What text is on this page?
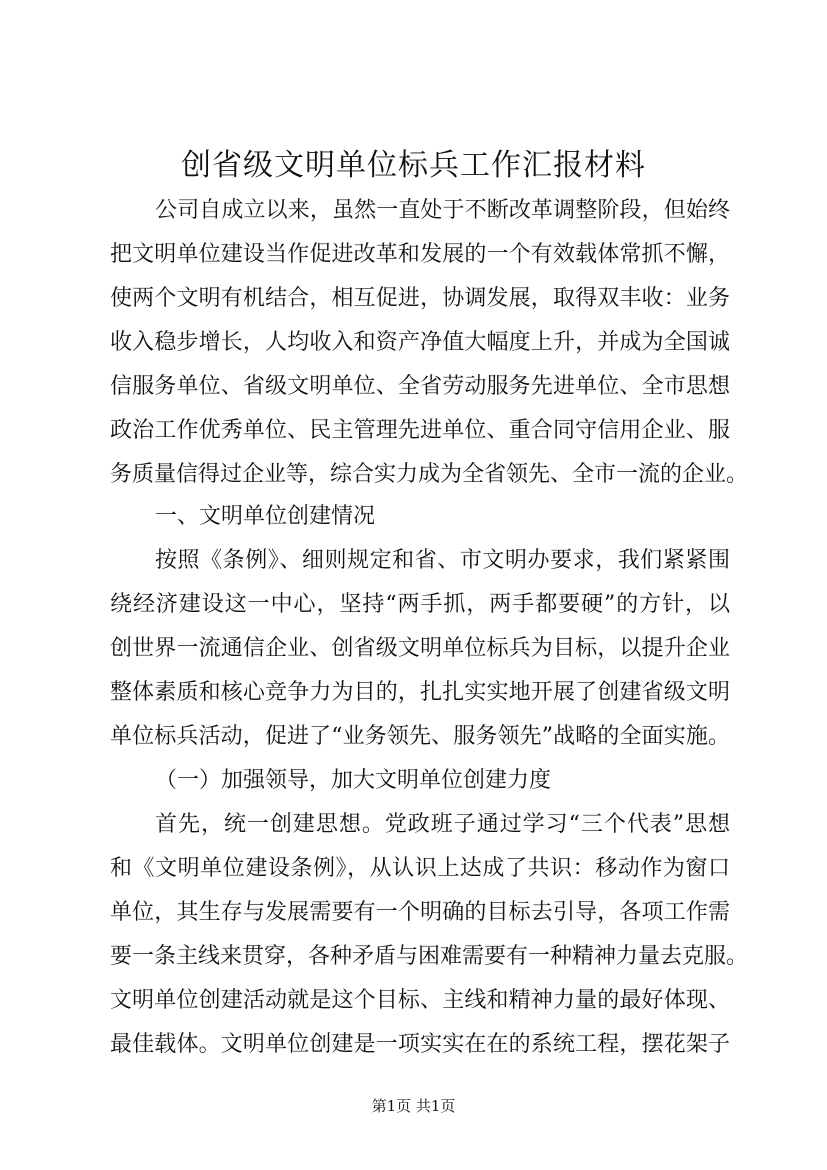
创省级文明单位标兵工作汇报材料
公司自成立以来，虽然一直处于不断改革调整阶段，但始终
把文明单位建设当作促进改革和发展的一个有效载体常抓不懈，
使两个文明有机结合，相互促进，协调发展，取得双丰收：业务
收入稳步增长，人均收入和资产净值大幅度上升，并成为全国诚
信服务单位、省级文明单位、全省劳动服务先进单位、全市思想
政治工作优秀单位、民主管理先进单位、重合同守信用企业、服
务质量信得过企业等，综合实力成为全省领先、全市一流的企业。
一、文明单位创建情况
按照《条例》、细则规定和省、市文明办要求，我们紧紧围
绕经济建设这一中心，坚持“两手抓，两手都要硬”的方针，以
创世界一流通信企业、创省级文明单位标兵为目标，以提升企业
整体素质和核心竞争力为目的，扎扎实实地开展了创建省级文明
单位标兵活动，促进了“业务领先、服务领先”战略的全面实施。
（一）加强领导，加大文明单位创建力度
首先，统一创建思想。党政班子通过学习“三个代表”思想
和《文明单位建设条例》，从认识上达成了共识：移动作为窗口
单位，其生存与发展需要有一个明确的目标去引导，各项工作需
要一条主线来贯穿，各种矛盾与困难需要有一种精神力量去克服。
文明单位创建活动就是这个目标、主线和精神力量的最好体现、
最佳载体。文明单位创建是一项实实在在的系统工程，摆花架子
第1页 共1页
